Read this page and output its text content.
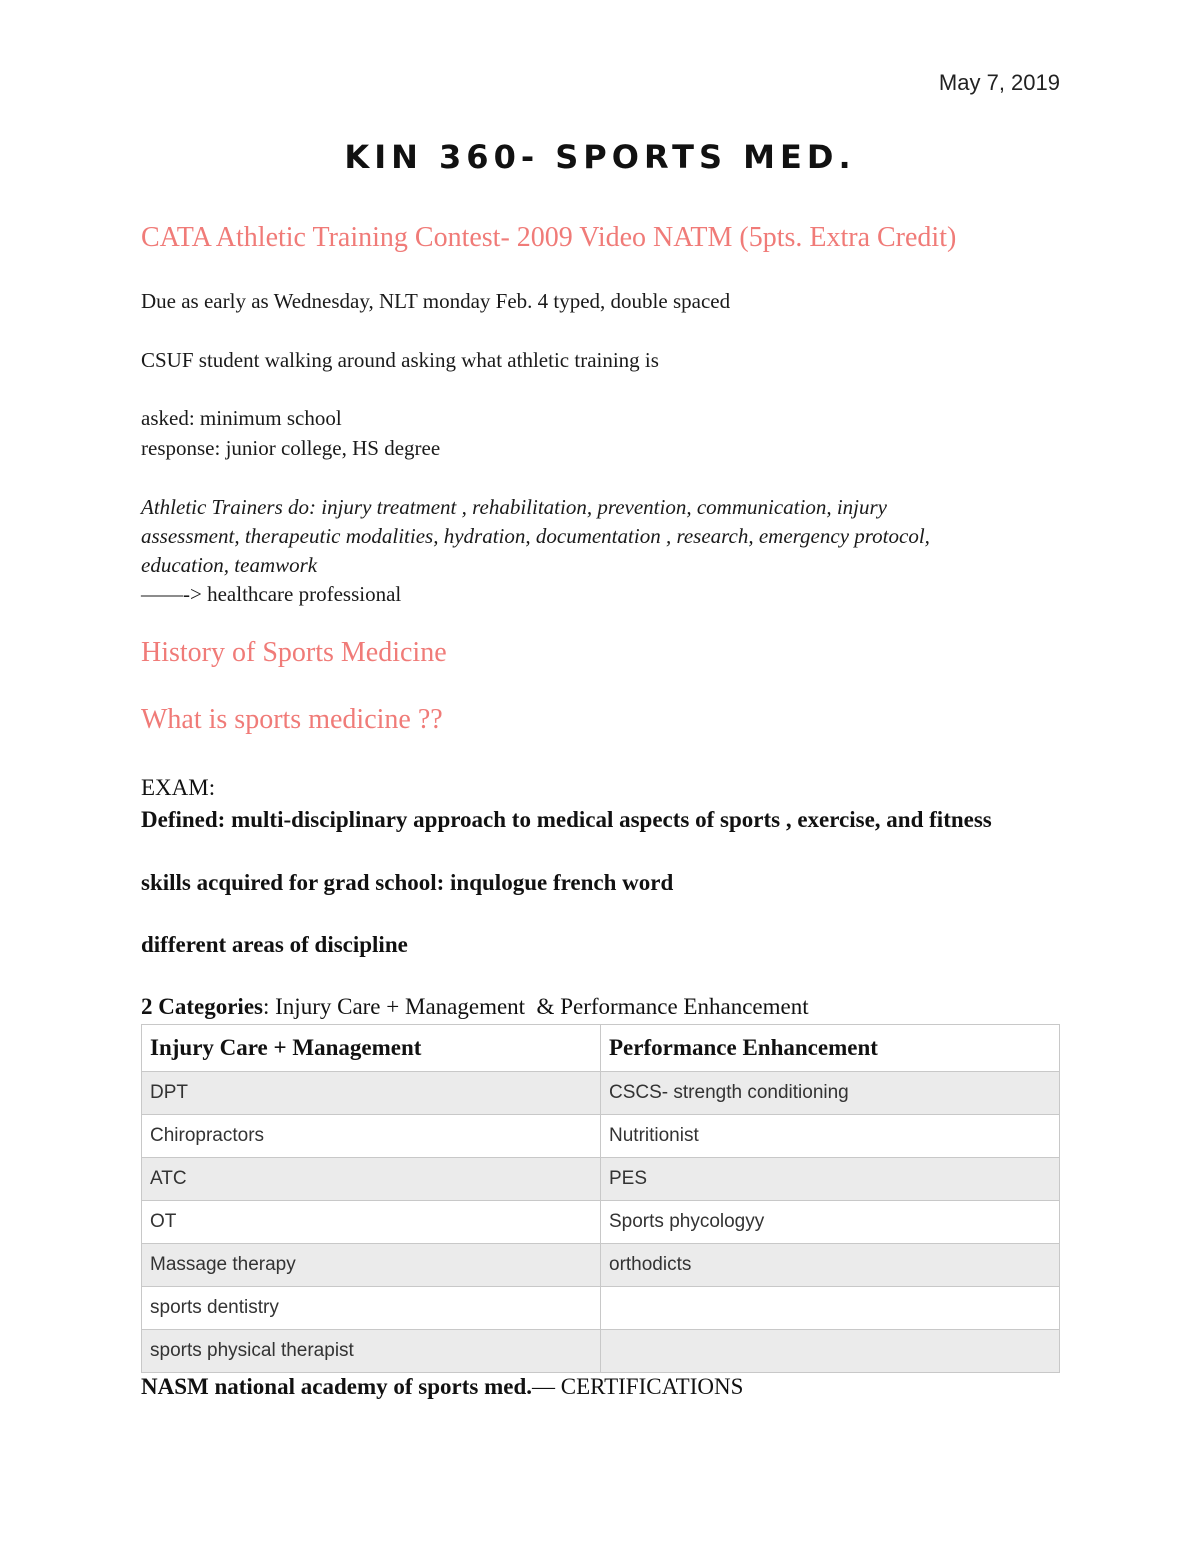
May 7, 2019
KIN 360- SPORTS MED.
CATA Athletic Training Contest- 2009 Video NATM (5pts. Extra Credit)
Due as early as Wednesday, NLT monday Feb. 4 typed, double spaced
CSUF student walking around asking what athletic training is
asked: minimum school
response: junior college, HS degree
Athletic Trainers do: injury treatment , rehabilitation, prevention, communication, injury
assessment, therapeutic modalities, hydration, documentation , research, emergency protocol,
education, teamwork
——-> healthcare professional
History of Sports Medicine
What is sports medicine ??
EXAM:
Defined: multi-disciplinary approach to medical aspects of sports , exercise, and fitness
skills acquired for grad school: inqulogue french word
different areas of discipline
2 Categories: Injury Care + Management  & Performance Enhancement
Injury Care + Management	Performance Enhancement
DPT	CSCS- strength conditioning
Chiropractors	Nutritionist
ATC	PES
OT	Sports phycologyy
Massage therapy	orthodicts
sports dentistry	
sports physical therapist	
NASM national academy of sports med.— CERTIFICATIONS
